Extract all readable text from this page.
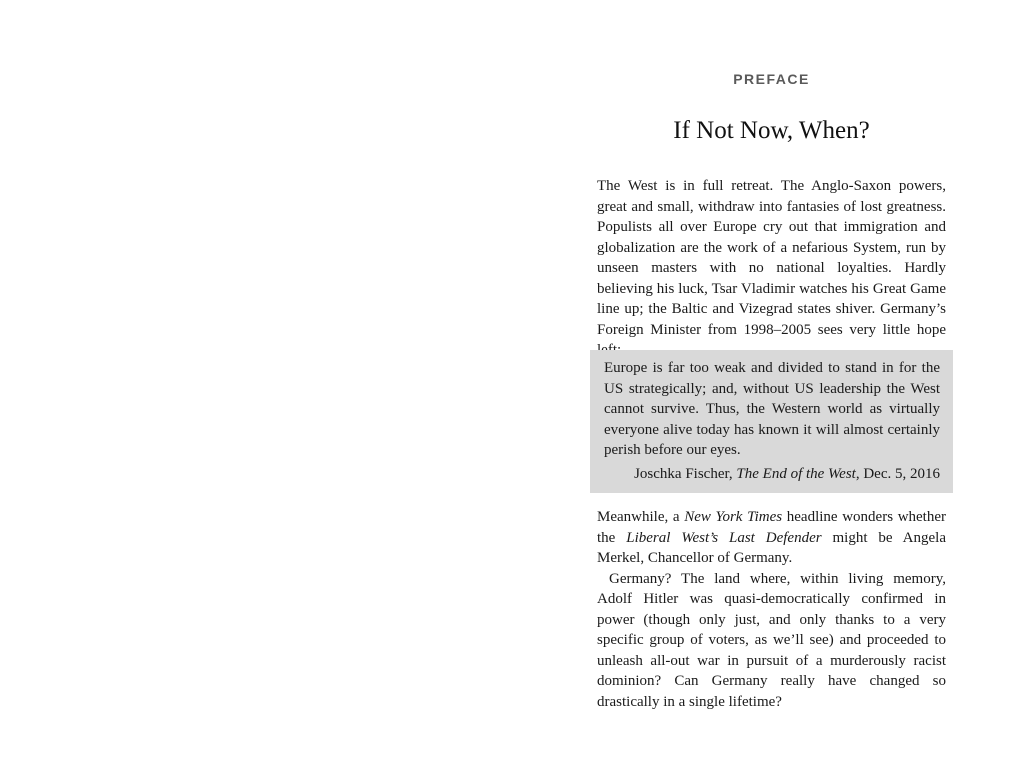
PREFACE
If Not Now, When?

The West is in full retreat. The Anglo-Saxon powers, great and small, withdraw into fantasies of lost greatness. Populists all over Europe cry out that immigration and globalization are the work of a nefarious System, run by unseen masters with no national loyalties. Hardly believing his luck, Tsar Vladimir watches his Great Game line up; the Baltic and Vizegrad states shiver. Germany’s Foreign Minister from 1998–2005 sees very little hope

Europe is far too weak and divided to stand in for the US strategically; and, without US leadership the West cannot survive. Thus, the Western world as virtually everyone alive today has known it will almost certainly perish before our eyes.

Joschka Fischer, The End of the West, Dec. 5, 2016

Meanwhile, a New York Times headline wonders whether the Liberal West’s Last Defender might be Angela Merkel, Chancellor of Germany.

Germany? The land where, within living memory, Adolf Hitler was quasi-democratically confirmed in power (though only just, and only thanks to a very specific group of voters, as we’ll see) and proceeded to unleash all-out war in pursuit of a murderously racist dominion? Can Germany really have changed so drastically in a single lifetime?
